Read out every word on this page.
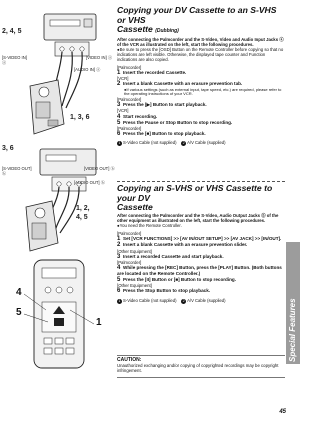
2, 4, 5
[S-VIDEO IN]
ⓐ
[VIDEO IN] ⓐ
[AUDIO IN] ⓐ
1, 3, 6
3, 6
[S-VIDEO OUT]
ⓑ
[VIDEO OUT] ⓑ
[AUDIO OUT] ⓑ
1, 2,
4, 5
4
5
1
Copying your DV Cassette to an S-VHS or VHS
Cassette (Dubbing)

After connecting the Palmcorder and the S-Video, Video and Audio Input Jacks ⓐ of the VCR as illustrated on the left, start the following procedures.

●Be sure to press the [OSD] Button on the Remote Controller before copying so that no indications are left visible. Otherwise, the displayed tape counter and Function indications are also copied.

[Palmcorder]

1 Insert the recorded Cassette.

[VCR]

2 Insert a blank Cassette with an erasure prevention tab.

●If various settings (such as external input, tape speed, etc.) are required, please refer to the operating instructions of your VCR.

[Palmcorder]

3 Press the [▶] Button to start playback.

[VCR]

4 Start recording.

5 Press the Pause or Stop Button to stop recording.

[Palmcorder]

6 Press the [■] Button to stop playback.

1 S-Video Cable (not supplied) 2 A/V Cable (supplied)

Copying an S-VHS or VHS Cassette to your DV
Cassette

After connecting the Palmcorder and the S-Video, Audio Output Jacks ⓑ of the other equipment as illustrated on the left, start the following procedures.

●You need the Remote Controller.

[Palmcorder]

1 Set [VCR FUNCTIONS] >> [AV IN/OUT SETUP] >> [AV JACK] >> [IN/OUT].

2 Insert a blank Cassette with an erasure prevention slider.

[Other Equipment]

3 Insert a recorded Cassette and start playback.

[Palmcorder]

4 While pressing the [REC] Button, press the [PLAY] Button. (Both buttons are located on the Remote Controller.)

5 Press the [II] Button or [■] Button to stop recording.

[Other Equipment]

6 Press the Stop Button to stop playback.

1 S-Video Cable (not supplied) 2 A/V Cable (supplied)

CAUTION:

Unauthorized exchanging and/or copying of copyrighted recordings may be copyright infringement.

Special Features
45
